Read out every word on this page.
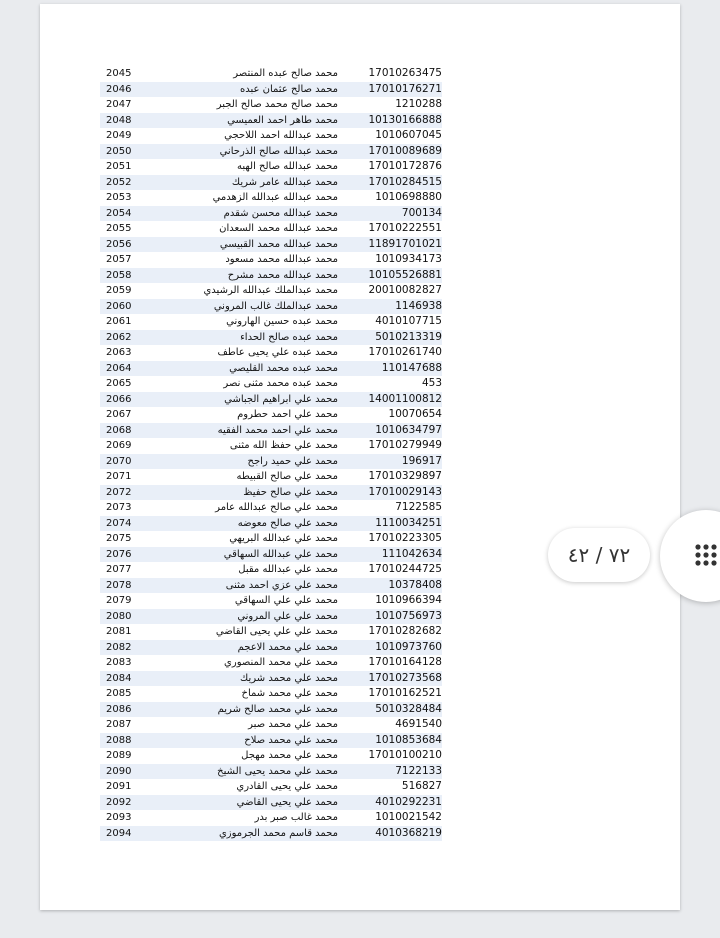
2045	محمد صالح عبده المنتصر	17010263475
2046	محمد صالح عثمان عبده	17010176271
2047	محمد صالح محمد صالح الجبر	1210288
2048	محمد طاهر احمد العميسي	10130166888
2049	محمد عبدالله احمد اللاحجي	1010607045
2050	محمد عبدالله صالح الذرحاني	17010089689
2051	محمد عبدالله صالح الهبه	17010172876
2052	محمد عبدالله عامر شريك	17010284515
2053	محمد عبدالله عبدالله الزهدمي	1010698880
2054	محمد عبدالله محسن شقدم	700134
2055	محمد عبدالله محمد السعدان	17010222551
2056	محمد عبدالله محمد القبيسي	11891701021
2057	محمد عبدالله محمد مسعود	1010934173
2058	محمد عبدالله محمد مشرح	10105526881
2059	محمد عبدالملك عبدالله الرشيدي	20010082827
2060	محمد عبدالملك غالب المروني	1146938
2061	محمد عبده حسين الهاروني	4010107715
2062	محمد عبده صالح الحداء	5010213319
2063	محمد عبده علي يحيى عاطف	17010261740
2064	محمد عبده محمد القليصي	110147688
2065	محمد عبده محمد مثنى نصر	453
2066	محمد علي ابراهيم الجباشي	14001100812
2067	محمد علي احمد حطروم	10070654
2068	محمد علي احمد محمد الفقيه	1010634797
2069	محمد علي حفظ الله مثنى	17010279949
2070	محمد علي حميد راجح	196917
2071	محمد علي صالح القبيطه	17010329897
2072	محمد علي صالح حفيظ	17010029143
2073	محمد علي صالح عبدالله عامر	7122585
2074	محمد علي صالح معوضه	1110034251
2075	محمد علي عبدالله البريهي	17010223305
2076	محمد علي عبدالله السهاقي	111042634
2077	محمد علي عبدالله مقبل	17010244725
2078	محمد علي عزي احمد مثنى	10378408
2079	محمد علي علي السهاقي	1010966394
2080	محمد علي علي المروني	1010756973
2081	محمد علي علي يحيى القاضي	17010282682
2082	محمد علي محمد الاعجم	1010973760
2083	محمد علي محمد المنصوري	17010164128
2084	محمد علي محمد شريك	17010273568
2085	محمد علي محمد شماخ	17010162521
2086	محمد علي محمد صالح شريم	5010328484
2087	محمد علي محمد صبر	4691540
2088	محمد علي محمد صلاح	1010853684
2089	محمد علي محمد مهجل	17010100210
2090	محمد علي محمد يحيى الشيخ	7122133
2091	محمد علي يحيى القادري	516827
2092	محمد علي يحيى القاضي	4010292231
2093	محمد غالب صبر بدر	1010021542
2094	محمد قاسم محمد الجرموزي	4010368219
٧٢ / ٤٢
